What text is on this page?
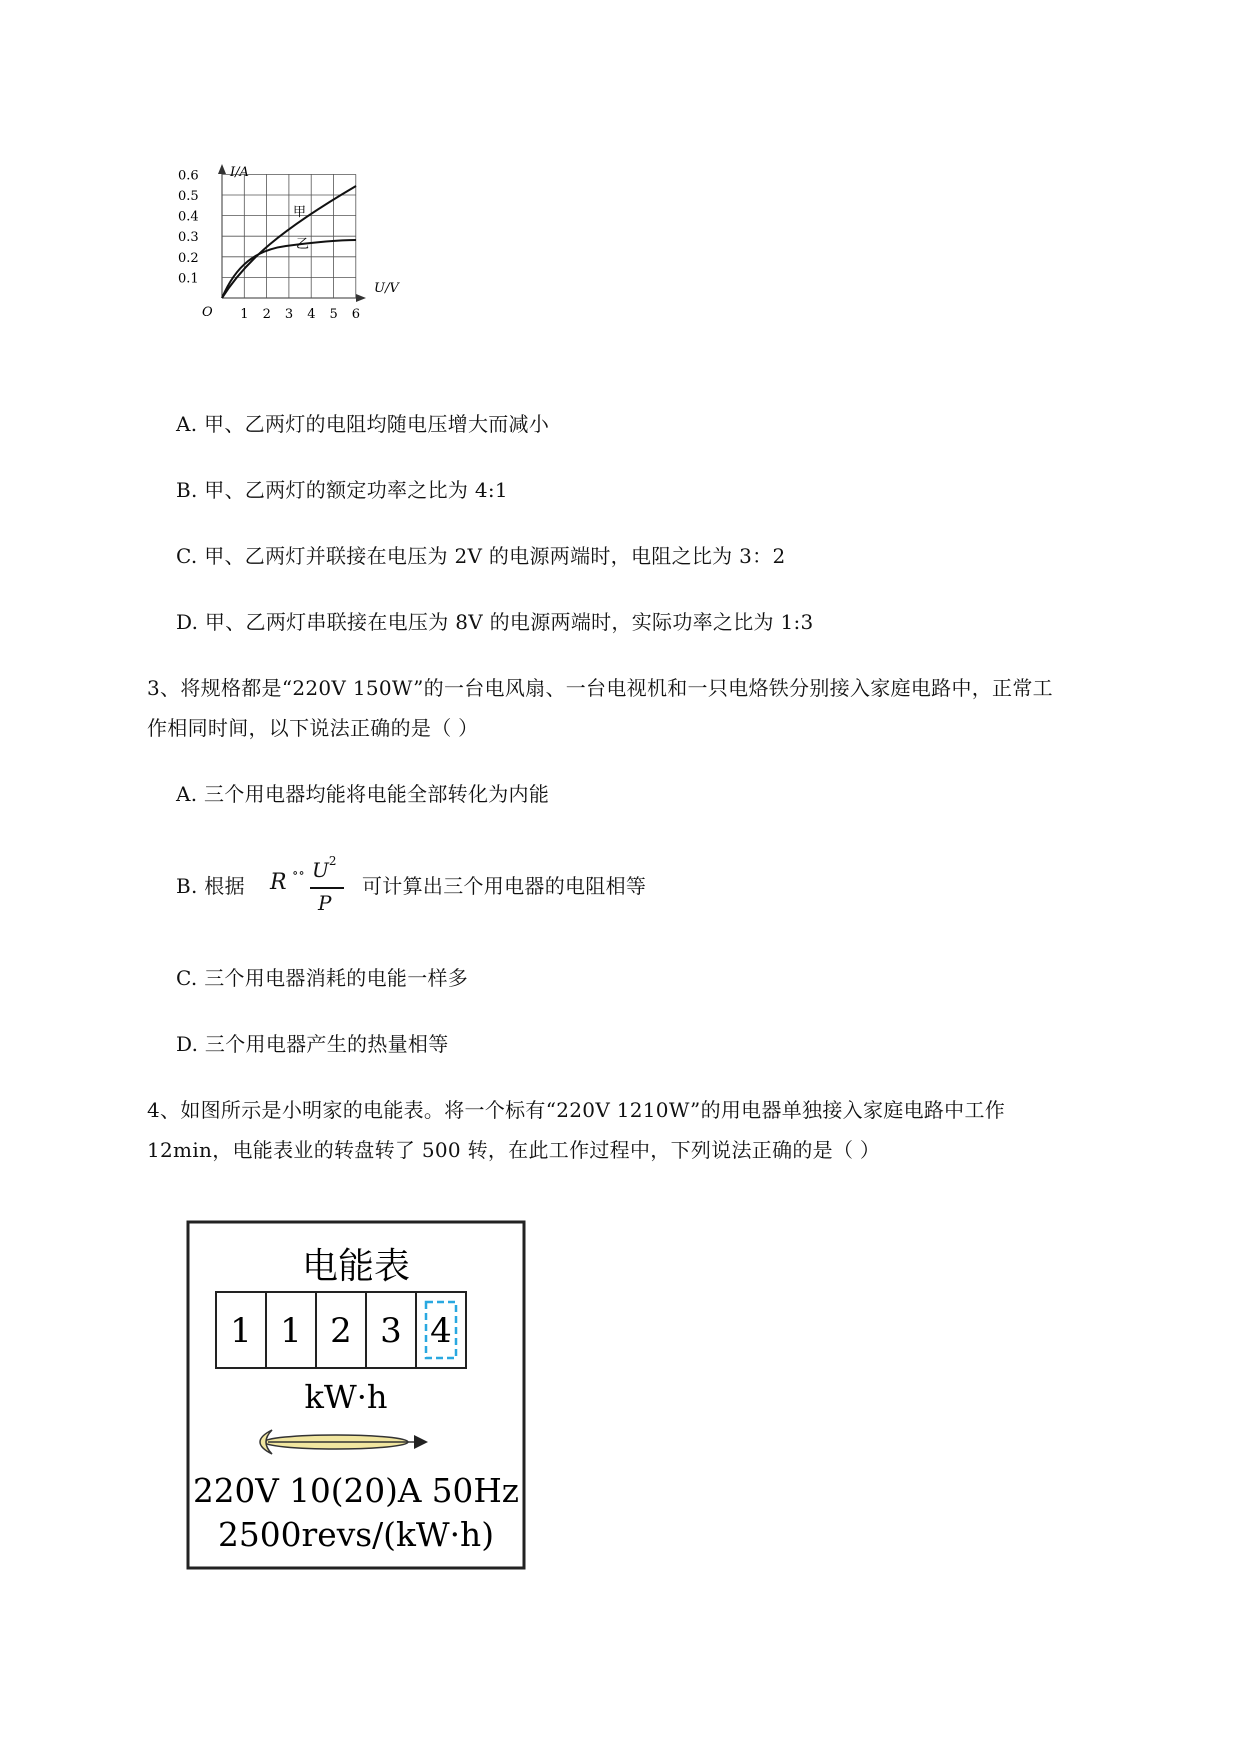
I/A
U/V
O
0.1
0.2
0.3
0.4
0.5
0.6
1 2 3 4 5 6
甲
乙
A. 甲、乙两灯的电阻均随电压增大而减小
B. 甲、乙两灯的额定功率之比为 4:1
C. 甲、乙两灯并联接在电压为 2V 的电源两端时，电阻之比为 3：2
D. 甲、乙两灯串联接在电压为 8V 的电源两端时，实际功率之比为 1:3
3、将规格都是“220V 150W”的一台电风扇、一台电视机和一只电烙铁分别接入家庭电路中，正常工
作相同时间，以下说法正确的是（ ）
A. 三个用电器均能将电能全部转化为内能
B. 根据 R ∘∘ $U^2$
P
可计算出三个用电器的电阻相等
C. 三个用电器消耗的电能一样多
D. 三个用电器产生的热量相等
4、如图所示是小明家的电能表。将一个标有“220V 1210W”的用电器单独接入家庭电路中工作
12min，电能表业的转盘转了 500 转，在此工作过程中，下列说法正确的是（ ）
电能表
1 1 2 3 4
kW·h
220V 10(20)A 50Hz
2500revs/(kW·h)
